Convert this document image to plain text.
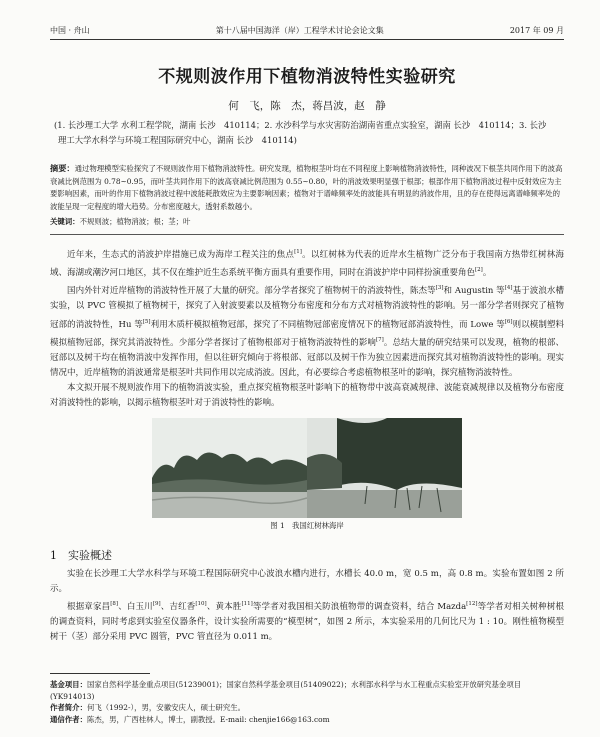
中国 · 舟山	第十八届中国海洋（岸）工程学术讨论会论文集	2017 年 09 月
不规则波作用下植物消波特性实验研究
何　飞，陈　杰，蒋昌波，赵　静
(1. 长沙理工大学 水利工程学院，湖南 长沙　410114；2. 水沙科学与水灾害防治湖南省重点实验室，湖南 长沙　410114；3. 长沙理工大学水科学与环境工程国际研究中心，湖南 长沙　410114)
摘要：通过物理模型实验探究了不规则波作用下植物消波特性。研究发现，植物根茎叶均在不同程度上影响植物消波特性，同种波况下根茎共同作用下的波高衰减比例范围为 0.78~0.95，而叶茎共同作用下的波高衰减比例范围为 0.55~0.80，叶的消波效果明显强于根部；根部作用下植物消波过程中反射效应为主要影响因素，而叶的作用下植物消波过程中波能耗散效应为主要影响因素；植物对于谱峰频率处的波能具有明显的消波作用，且的存在使得远离谱峰频率处的波能呈现一定程度的增大趋势。分布密度越大，透射系数越小。
关键词：不规则波；植物消波；根；茎；叶

近年来，生态式的消波护岸措施已成为海岸工程关注的焦点[1]。以红树林为代表的近岸水生植物广泛分布于我国南方热带红树林海域、海湖或潮汐河口地区，其不仅在维护近生态系统平衡方面具有重要作用，同时在消波护岸中同样扮演重要角色[2]。

国内外针对近岸植物的消波特性开展了大量的研究。部分学者探究了植物树干的消波特性，陈杰等[3]和 Augustin 等[4]基于波浪水槽实验，以 PVC 管模拟了植物树干，探究了入射波要素以及植物分布密度和分布方式对植物消波特性的影响。另一部分学者则探究了植物冠部的消波特性，Hu 等[5]利用木质杆模拟植物冠部，探究了不同植物冠部密度情况下的植物冠部消波特性，而 Lowe 等[6]则以模制塑料模拟植物冠部，探究其消波特性。少部分学者探讨了植物根部对于植物消波特性的影响[7]。总结大量的研究结果可以发现，植物的根部、冠部以及树干均在植物消波中发挥作用，但以往研究倾向于将根部、冠部以及树干作为独立因素进而探究其对植物消波特性的影响。现实情况中，近岸植物的消波通常是根茎叶共同作用以完成消波。因此，有必要综合考虑植物根茎叶的影响，探究植物消波特性。

本文拟开展不规则波作用下的植物消波实验，重点探究植物根茎叶影响下的植物带中波高衰减规律、波能衰减规律以及植物分布密度对消波特性的影响，以揭示植物根茎叶对于消波特性的影响。

图 1　我国红树林海岸
1　实验概述

实验在长沙理工大学水科学与环境工程国际研究中心波浪水槽内进行，水槽长 40.0 m，宽 0.5 m，高 0.8 m。实验布置如图 2 所示。

根据章家昌[8]、白玉川[9]、吉红香[10]、黄本胜[11]等学者对我国相关防浪植物带的调查资料，结合 Mazda[12]等学者对相关树种树根的调查资料，同时考虑到实验室仪器条件，设计实验所需要的“模型树”，如图 2 所示，本实验采用的几何比尺为 1 : 10。刚性植物模型树干（茎）部分采用 PVC 圆管，PVC 管直径为 0.011 m。

基金项目：国家自然科学基金重点项目(51239001)；国家自然科学基金项目(51409022)；水利部水科学与水工程重点实验室开放研究基金项目(YK914013)
作者简介：何飞（1992-），男，安徽安庆人，硕士研究生。
通信作者：陈杰，男，广西桂林人，博士，副教授。E-mail: chenjie166@163.com
